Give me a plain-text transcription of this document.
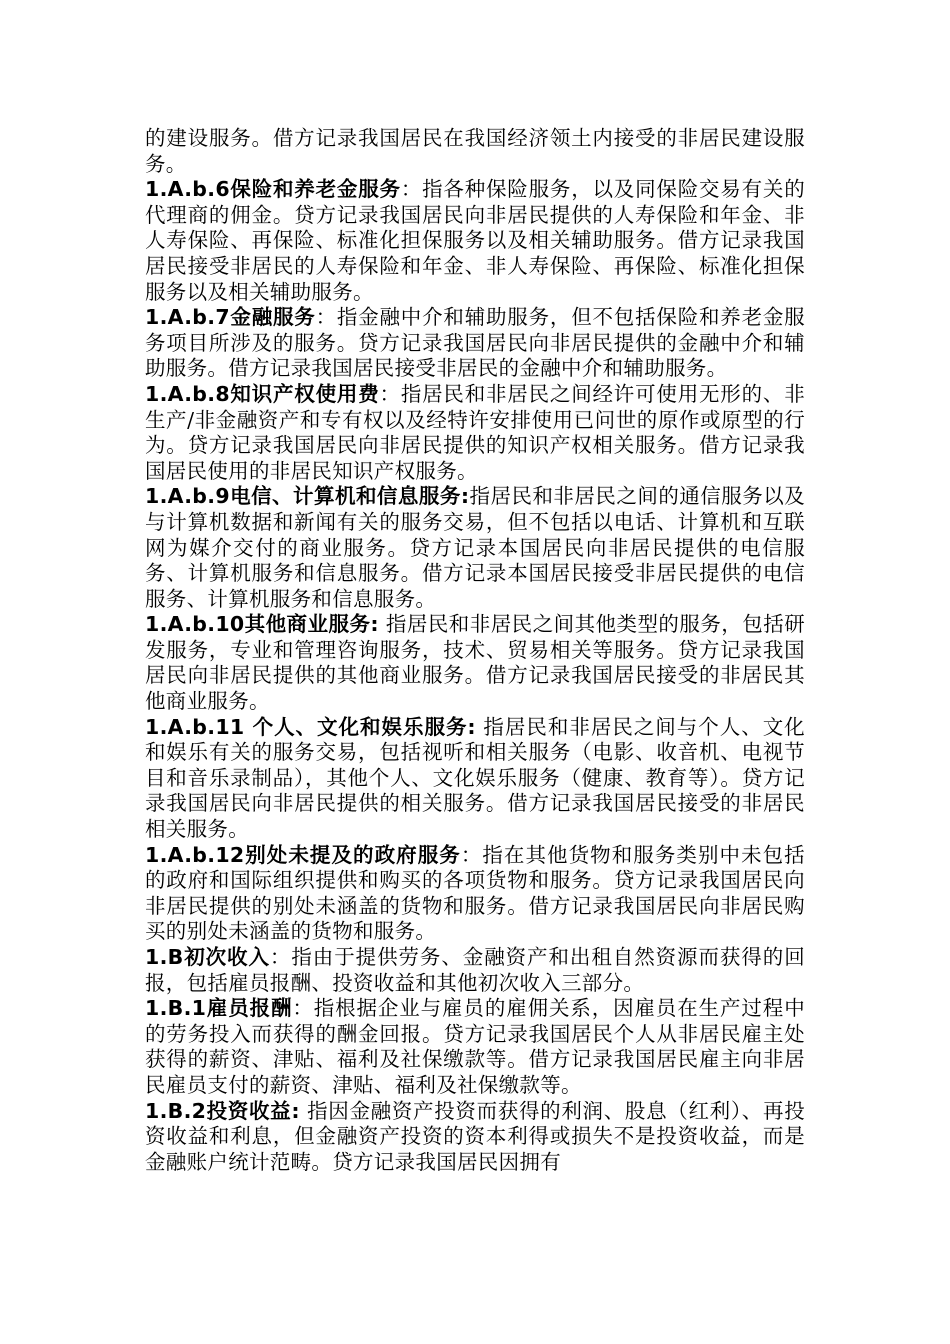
的建设服务。借方记录我国居民在我国经济领土内接受的非居民建设服务。

1.A.b.6保险和养老金服务：指各种保险服务，以及同保险交易有关的代理商的佣金。贷方记录我国居民向非居民提供的人寿保险和年金、非人寿保险、再保险、标准化担保服务以及相关辅助服务。借方记录我国居民接受非居民的人寿保险和年金、非人寿保险、再保险、标准化担保服务以及相关辅助服务。

1.A.b.7金融服务：指金融中介和辅助服务，但不包括保险和养老金服务项目所涉及的服务。贷方记录我国居民向非居民提供的金融中介和辅助服务。借方记录我国居民接受非居民的金融中介和辅助服务。

1.A.b.8知识产权使用费：指居民和非居民之间经许可使用无形的、非生产/非金融资产和专有权以及经特许安排使用已问世的原作或原型的行为。贷方记录我国居民向非居民提供的知识产权相关服务。借方记录我国居民使用的非居民知识产权服务。

1.A.b.9电信、计算机和信息服务:指居民和非居民之间的通信服务以及与计算机数据和新闻有关的服务交易，但不包括以电话、计算机和互联网为媒介交付的商业服务。贷方记录本国居民向非居民提供的电信服务、计算机服务和信息服务。借方记录本国居民接受非居民提供的电信服务、计算机服务和信息服务。

1.A.b.10其他商业服务: 指居民和非居民之间其他类型的服务，包括研发服务，专业和管理咨询服务，技术、贸易相关等服务。贷方记录我国居民向非居民提供的其他商业服务。借方记录我国居民接受的非居民其他商业服务。

1.A.b.11 个人、文化和娱乐服务: 指居民和非居民之间与个人、文化和娱乐有关的服务交易，包括视听和相关服务（电影、收音机、电视节目和音乐录制品），其他个人、文化娱乐服务（健康、教育等）。贷方记录我国居民向非居民提供的相关服务。借方记录我国居民接受的非居民相关服务。

1.A.b.12别处未提及的政府服务：指在其他货物和服务类别中未包括的政府和国际组织提供和购买的各项货物和服务。贷方记录我国居民向非居民提供的别处未涵盖的货物和服务。借方记录我国居民向非居民购买的别处未涵盖的货物和服务。

1.B初次收入：指由于提供劳务、金融资产和出租自然资源而获得的回报，包括雇员报酬、投资收益和其他初次收入三部分。

1.B.1雇员报酬：指根据企业与雇员的雇佣关系，因雇员在生产过程中的劳务投入而获得的酬金回报。贷方记录我国居民个人从非居民雇主处获得的薪资、津贴、福利及社保缴款等。借方记录我国居民雇主向非居民雇员支付的薪资、津贴、福利及社保缴款等。

1.B.2投资收益: 指因金融资产投资而获得的利润、股息（红利）、再投资收益和利息，但金融资产投资的资本利得或损失不是投资收益，而是金融账户统计范畴。贷方记录我国居民因拥有
